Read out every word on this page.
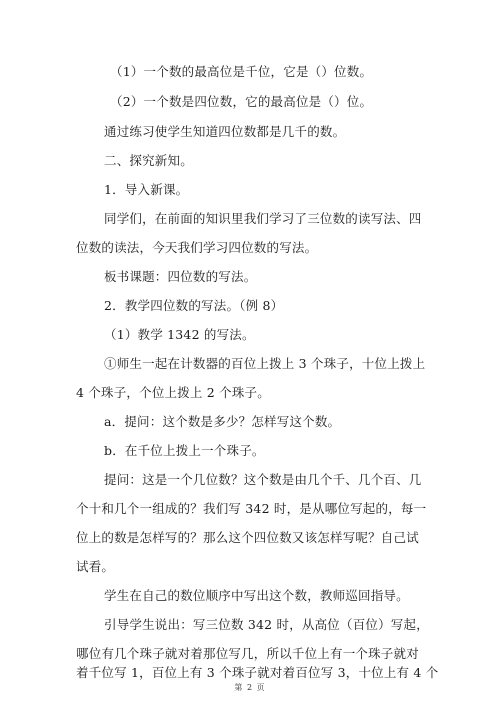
（1）一个数的最高位是千位，它是（）位数。
（2）一个数是四位数，它的最高位是（）位。
通过练习使学生知道四位数都是几千的数。
二、探究新知。
1．导入新课。
同学们，在前面的知识里我们学习了三位数的读写法、四
位数的读法，今天我们学习四位数的写法。
板书课题：四位数的写法。
2．教学四位数的写法。（例 8）
（1）教学 1342 的写法。
①师生一起在计数器的百位上拨上 3 个珠子，十位上拨上
4 个珠子，个位上拨上 2 个珠子。
a．提问：这个数是多少？怎样写这个数。
b．在千位上拨上一个珠子。
提问：这是一个几位数？这个数是由几个千、几个百、几
个十和几个一组成的？我们写 342 时，是从哪位写起的，每一
位上的数是怎样写的？那么这个四位数又该怎样写呢？自己试
试看。
学生在自己的数位顺序中写出这个数，教师巡回指导。
引导学生说出：写三位数 342 时，从高位（百位）写起，
哪位有几个珠子就对着那位写几，所以千位上有一个珠子就对
着千位写 1，百位上有 3 个珠子就对着百位写 3，十位上有 4 个
第 2 页
